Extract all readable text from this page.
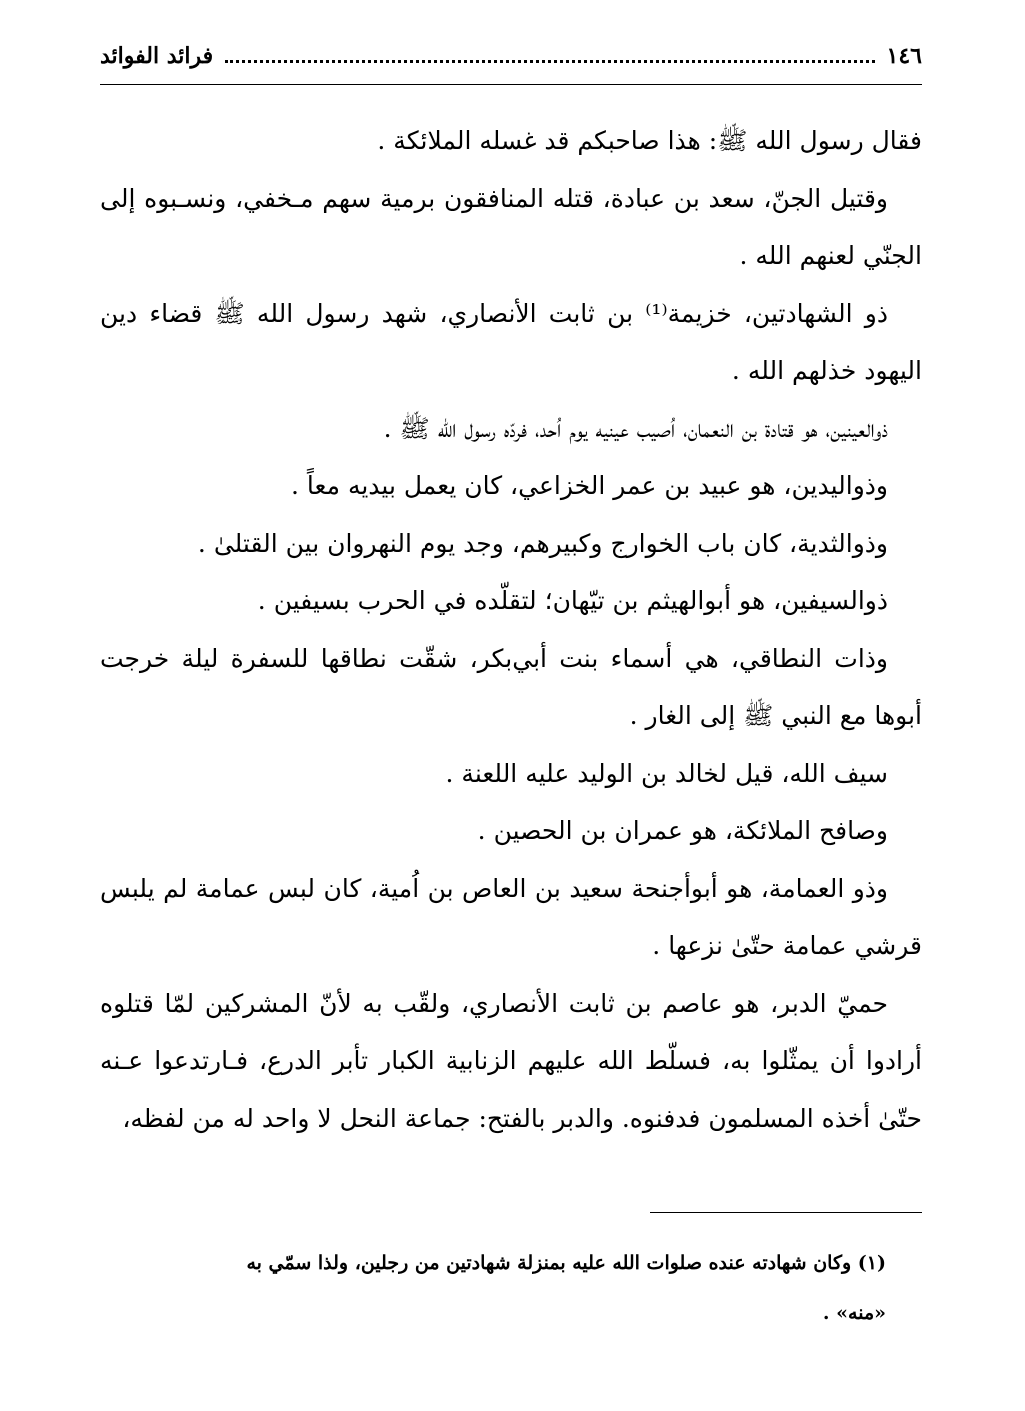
١٤٦
فرائد الفوائد

فقال رسول الله ﷺ: هذا صاحبكم قد غسله الملائكة .

وقتيل الجنّ، سعد بن عبادة، قتله المنافقون برمية سهم مـخفي، ونسـبوه إلى الجنّي لعنهم الله .

ذو الشهادتين، خزيمة⁽¹⁾ بن ثابت الأنصاري، شهد رسول الله ﷺ قضاء دين اليهود خذلهم الله .

ذوالعينين، هو قتادة بن النعمان، اُصيب عينيه يوم اُحد، فردّه رسول الله ﷺ .

وذواليدين، هو عبيد بن عمر الخزاعي، كان يعمل بيديه معاً .

وذوالثدية، كان باب الخوارج وكبيرهم، وجد يوم النهروان بين القتلىٰ .

ذوالسيفين، هو أبوالهيثم بن تيّهان؛ لتقلّده في الحرب بسيفين .

وذات النطاقي، هي أسماء بنت أبي‌بكر، شقّت نطاقها للسفرة ليلة خرجت أبوها مع النبي ﷺ إلى الغار .

سيف الله، قيل لخالد بن الوليد عليه اللعنة .

وصافح الملائكة، هو عمران بن الحصين .

وذو العمامة، هو أبوأجنحة سعيد بن العاص بن اُمية، كان لبس عمامة لم يلبس قرشي عمامة حتّىٰ نزعها .

حميّ الدبر، هو عاصم بن ثابت الأنصاري، ولقّب به لأنّ المشركين لمّا قتلوه أرادوا أن يمثّلوا به، فسلّط الله عليهم الزنابية الكبار تأبر الدرع، فـارتدعوا عـنه حتّىٰ أخذه المسلمون فدفنوه. والدبر بالفتح: جماعة النحل لا واحد له من لفظه،

(١) وكان شهادته عنده صلوات الله عليه بمنزلة شهادتين من رجلين، ولذا سمّي به

«منه» .
